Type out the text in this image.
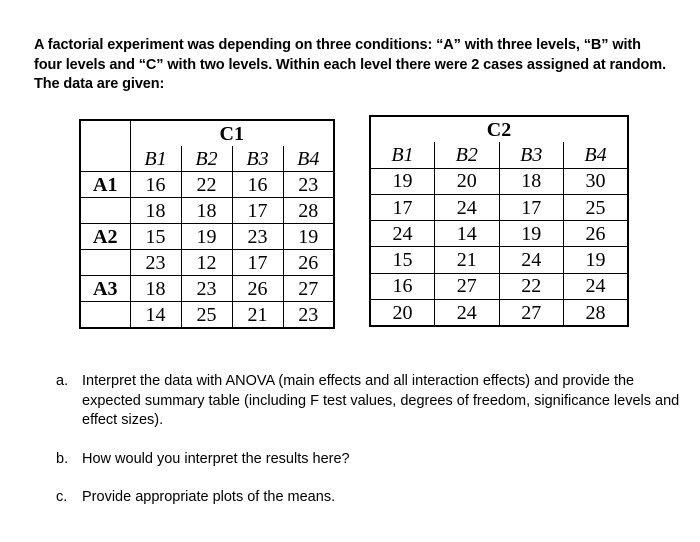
A factorial experiment was depending on three conditions: “A” with three levels, “B” with

four levels and “C” with two levels. Within each level there were 2 cases assigned at random.

The data are given:

	C1			
	B1	B2	B3	B4
A1	16	22	16	23
	18	18	17	28
A2	15	19	23	19
	23	12	17	26
A3	18	23	26	27
	14	25	21	23
C2			
B1	B2	B3	B4
19	20	18	30
17	24	17	25
24	14	19	26
15	21	24	19
16	27	22	24
20	24	27	28
a. Interpret the data with ANOVA (main effects and all interaction effects) and provide the expected summary table (including F test values, degrees of freedom, significance levels and effect sizes).
b. How would you interpret the results here?
c.	Provide appropriate plots of the means.
